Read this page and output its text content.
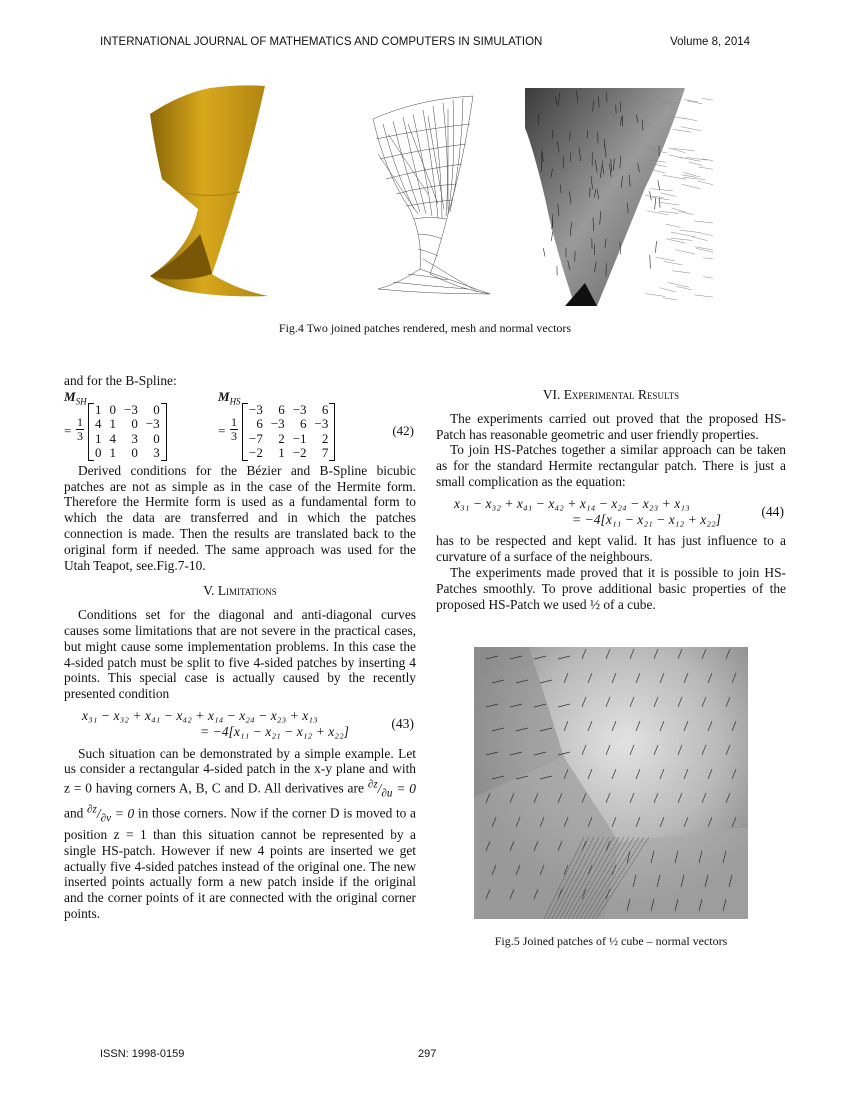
INTERNATIONAL JOURNAL OF MATHEMATICS AND COMPUTERS IN SIMULATION	Volume 8, 2014
Fig.4 Two joined patches rendered, mesh and normal vectors

and for the B-Spline:

$M_{SH}$	$M_{HS}$
= $\frac{1}{3}$
1	0	−3	0
4	1	0	−3
1	4	3	0
0	1	0	3
= $\frac{1}{3}$
−3	6	−3	6
6	−3	6	−3
−7	2	−1	2
−2	1	−2	7
(42)

Derived conditions for the Bézier and B-Spline bicubic patches are not as simple as in the case of the Hermite form. Therefore the Hermite form is used as a fundamental form to which the data are transferred and in which the patches connection is made. Then the results are translated back to the original form if needed. The same approach was used for the Utah Teapot, see.Fig.7-10.

V. Limitations

Conditions set for the diagonal and anti-diagonal curves causes some limitations that are not severe in the practical cases, but might cause some implementation problems. In this case the 4-sided patch must be split to five 4-sided patches by inserting 4 points. This special case is actually caused by the recently presented condition

x₃₁ − x₃₂ + x₄₁ − x₄₂ + x₁₄ − x₂₄ − x₂₃ + x₁₃
= −4[x₁₁ − x₂₁ − x₁₂ + x₂₂]
(43)

Such situation can be demonstrated by a simple example. Let us consider a rectangular 4-sided patch in the x-y plane and with z = 0 having corners A, B, C and D. All derivatives are $^{\partial z}/_{\partial u} = 0$ and $^{\partial z}/_{\partial v} = 0$ in those corners. Now if the corner D is moved to a position z = 1 than this situation cannot be represented by a single HS-patch. However if new 4 points are inserted we get actually five 4-sided patches instead of the original one. The new inserted points actually form a new patch inside if the original and the corner points of it are connected with the original corner points.

VI. Experimental Results

The experiments carried out proved that the proposed HS-Patch has reasonable geometric and user friendly properties.

To join HS-Patches together a similar approach can be taken as for the standard Hermite rectangular patch. There is just a small complication as the equation:

x₃₁ − x₃₂ + x₄₁ − x₄₂ + x₁₄ − x₂₄ − x₂₃ + x₁₃
= −4[x₁₁ − x₂₁ − x₁₂ + x₂₂]
(44)

has to be respected and kept valid. It has just influence to a curvature of a surface of the neighbours.

The experiments made proved that it is possible to join HS-Patches smoothly. To prove additional basic properties of the proposed HS-Patch we used ½ of a cube.

Fig.5 Joined patches of ½ cube – normal vectors
ISSN: 1998-0159	297
